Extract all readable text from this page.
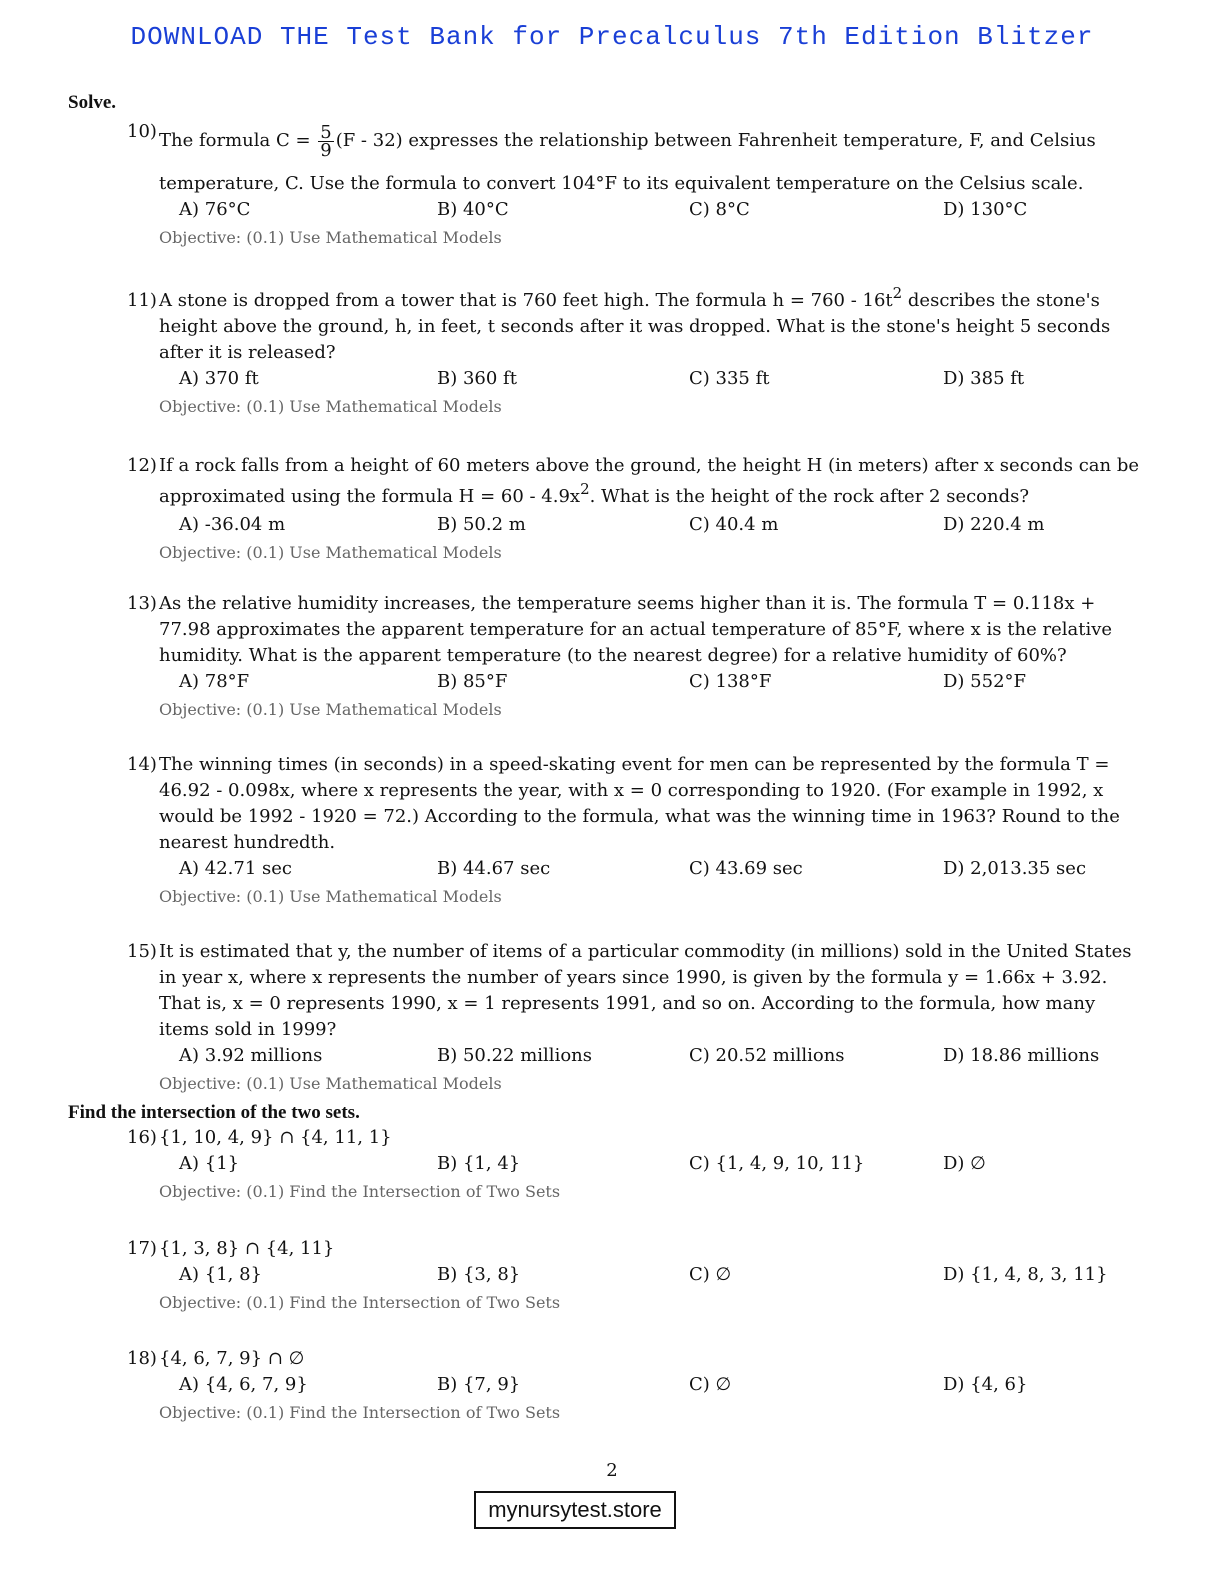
DOWNLOAD THE Test Bank for Precalculus 7th Edition Blitzer
Solve.
10) The formula $C = \frac{5}{9} (F - 32)$ expresses the relationship between Fahrenheit temperature, F, and Celsius
temperature, C. Use the formula to convert 104°F to its equivalent temperature on the Celsius scale.
A) 76°C	B) 40°C	C) 8°C	D) 130°C
Objective: (0.1) Use Mathematical Models
11) A stone is dropped from a tower that is 760 feet high. The formula $h = 760 - 16t^2$ describes the stone's height above the ground, h, in feet, t seconds after it was dropped. What is the stone's height 5 seconds after it is released?
A) 370 ft	B) 360 ft	C) 335 ft	D) 385 ft
Objective: (0.1) Use Mathematical Models
12) If a rock falls from a height of 60 meters above the ground, the height H (in meters) after x seconds can be approximated using the formula $H = 60 - 4.9x^2$. What is the height of the rock after 2 seconds?
A) -36.04 m	B) 50.2 m	C) 40.4 m	D) 220.4 m
Objective: (0.1) Use Mathematical Models
13) As the relative humidity increases, the temperature seems higher than it is. The formula T = 0.118x + 77.98 approximates the apparent temperature for an actual temperature of 85°F, where x is the relative humidity. What is the apparent temperature (to the nearest degree) for a relative humidity of 60%?
A) 78°F	B) 85°F	C) 138°F	D) 552°F
Objective: (0.1) Use Mathematical Models
14) The winning times (in seconds) in a speed-skating event for men can be represented by the formula T = 46.92 - 0.098x, where x represents the year, with x = 0 corresponding to 1920. (For example in 1992, x would be 1992 - 1920 = 72.) According to the formula, what was the winning time in 1963? Round to the nearest hundredth.
A) 42.71 sec	B) 44.67 sec	C) 43.69 sec	D) 2,013.35 sec
Objective: (0.1) Use Mathematical Models
15) It is estimated that y, the number of items of a particular commodity (in millions) sold in the United States in year x, where x represents the number of years since 1990, is given by the formula y = 1.66x + 3.92. That is, x = 0 represents 1990, x = 1 represents 1991, and so on. According to the formula, how many items sold in 1999?
A) 3.92 millions	B) 50.22 millions	C) 20.52 millions	D) 18.86 millions
Objective: (0.1) Use Mathematical Models
Find the intersection of the two sets.
16) {1, 10, 4, 9} ∩ {4, 11, 1}
A) {1}	B) {1, 4}	C) {1, 4, 9, 10, 11}	D) ∅
Objective: (0.1) Find the Intersection of Two Sets
17) {1, 3, 8} ∩ {4, 11}
A) {1, 8}	B) {3, 8}	C) ∅	D) {1, 4, 8, 3, 11}
Objective: (0.1) Find the Intersection of Two Sets
18) {4, 6, 7, 9} ∩ ∅
A) {4, 6, 7, 9}	B) {7, 9}	C) ∅	D) {4, 6}
Objective: (0.1) Find the Intersection of Two Sets
2
mynursytest.store
